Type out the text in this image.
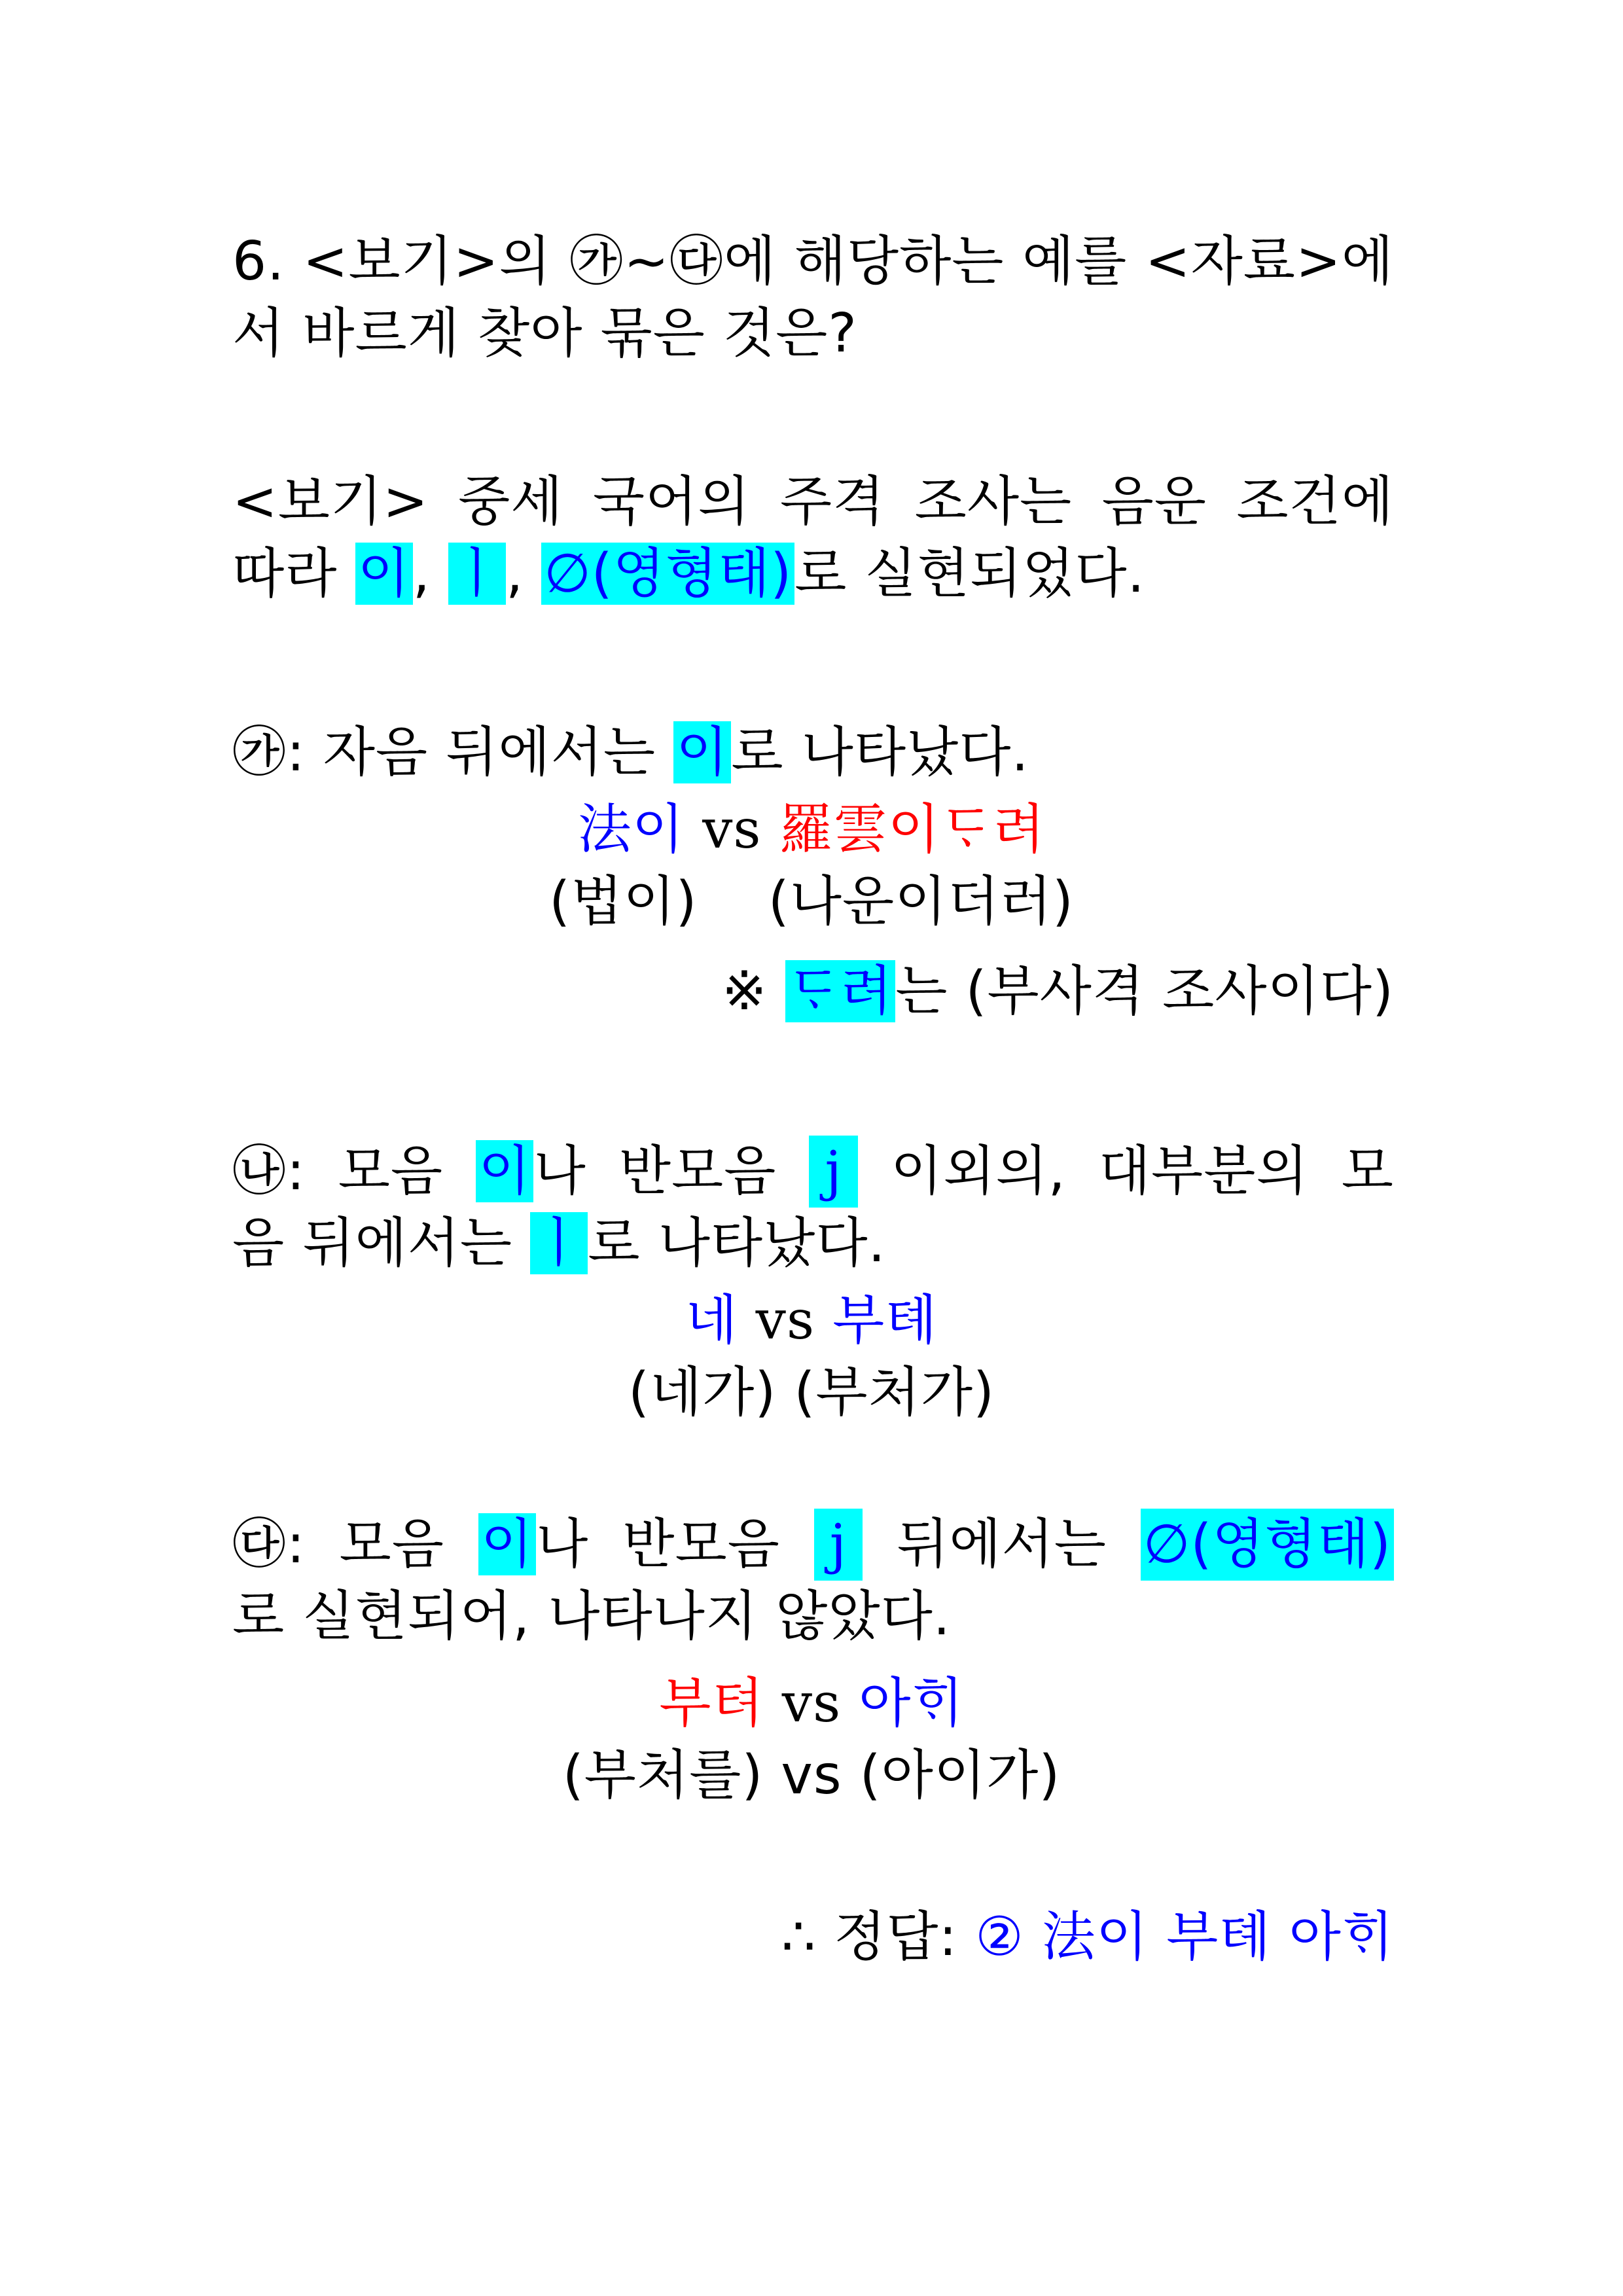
6. <보기>의 ㉮~㉰에 해당하는 예를 <자료>에
서 바르게 찾아 묶은 것은?
<보기> 중세 국어의 주격 조사는 음운 조건에
따라 이, ㅣ, ∅(영형태)로 실현되었다.
㉮: 자음 뒤에서는 이로 나타났다.
法이 vs 羅雲이ᄃᆞ려
(법이)    (나운이더러)
※ ᄃᆞ려는 (부사격 조사이다)
㉯: 모음 이나 반모음 j 이외의, 대부분의 모
음 뒤에서는 ㅣ로 나타났다.
네 vs 부톄
(네가) (부처가)
㉰: 모음 이나 반모음 j 뒤에서는 ∅(영형태)
로 실현되어, 나타나지 않았다.
부텨 vs 아ᄒᆡ
(부처를) vs (아이가)
∴ 정답: ② 法이 부톄 아ᄒᆡ
